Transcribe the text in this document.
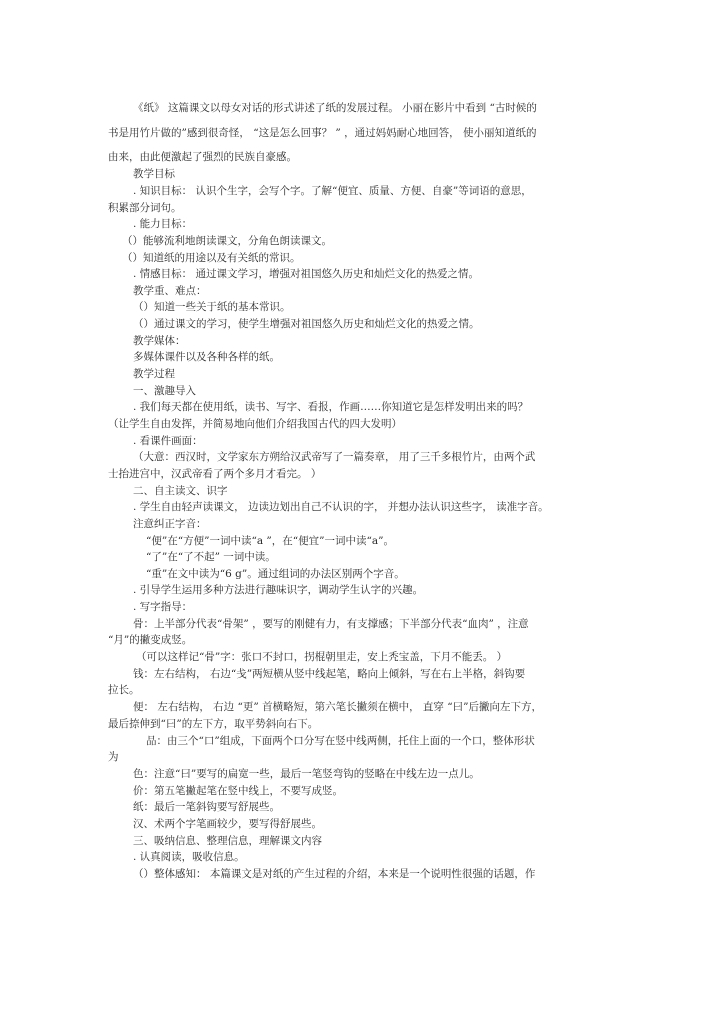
《纸》 这篇课文以母女对话的形式讲述了纸的发展过程。 小丽在影片中看到 “古时候的
书是用竹片做的”感到很奇怪， “这是怎么回事？ ” ，通过妈妈耐心地回答， 使小丽知道纸的
由来，由此便激起了强烈的民族自豪感。
教学目标
. 知识目标： 认识个生字，会写个字。了解“便宜、质量、方便、自豪”等词语的意思，
积累部分词句。
. 能力目标：
（）能够流利地朗读课文，分角色朗读课文。
（）知道纸的用途以及有关纸的常识。
. 情感目标： 通过课文学习，增强对祖国悠久历史和灿烂文化的热爱之情。
教学重、难点：
（）知道一些关于纸的基本常识。
（）通过课文的学习，使学生增强对祖国悠久历史和灿烂文化的热爱之情。
教学媒体：
多媒体课件以及各种各样的纸。
教学过程
一、激趣导入
. 我们每天都在使用纸，读书、写字、看报，作画……你知道它是怎样发明出来的吗？
（让学生自由发挥，并简易地向他们介绍我国古代的四大发明）
. 看课件画面：
（大意：西汉时，文学家东方朔给汉武帝写了一篇奏章， 用了三千多根竹片，由两个武
士抬进宫中，汉武帝看了两个多月才看完。 ）
二、自主读文、识字
. 学生自由轻声读课文， 边读边划出自己不认识的字， 并想办法认识这些字， 读准字音。
注意纠正字音：
“便”在“方便”一词中读“a ”，在“便宜”一词中读“a”。
“了”在“了不起” 一词中读。
“重”在文中读为“6 g”。通过组词的办法区别两个字音。
. 引导学生运用多种方法进行趣味识字，调动学生认字的兴趣。
. 写字指导：
骨：上半部分代表“骨架” ，要写的刚健有力，有支撑感；下半部分代表“血肉” ，注意
“月”的撇变成竖。
（可以这样记“骨”字：张口不封口，拐棍朝里走，安上秃宝盖，下月不能丢。 ）
钱：左右结构， 右边“戋”两短横从竖中线起笔，略向上倾斜，写在右上半格，斜钩要
拉长。
便： 左右结构， 右边 “更” 首横略短，第六笔长撇须在横中， 直穿 “曰”后撇向左下方，
最后捺伸到“曰”的左下方，取平势斜向右下。
品：由三个“口”组成，下面两个口分写在竖中线两侧，托住上面的一个口，整体形状
为
色：注意“曰”要写的扁宽一些，最后一笔竖弯钩的竖略在中线左边一点儿。
价：第五笔撇起笔在竖中线上，不要写成竖。
纸：最后一笔斜钩要写舒展些。
汉、术两个字笔画较少，要写得舒展些。
三、吸纳信息、整理信息，理解课文内容
. 认真阅读，吸收信息。
（）整体感知： 本篇课文是对纸的产生过程的介绍，本来是一个说明性很强的话题，作
